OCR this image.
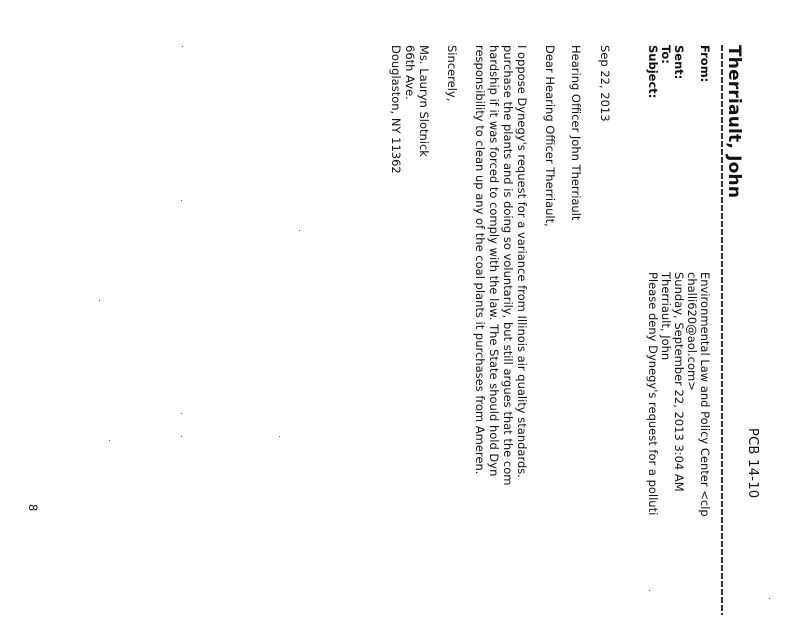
PCB 14-10
Therriault, John
From:
Environmental Law and Policy Center <clp
challi620@aol.com>
Sent:
Sunday, September 22, 2013 3:04 AM
To:
Therriault, John
Subject:
Please deny Dynegy's request for a polluti
Sep 22, 2013
Hearing Officer John Therriault
Dear Hearing Officer Therriault,
I oppose Dynegy's request for a variance from Illinois air quality standards.
purchase the plants and is doing so voluntarily, but still argues that the com
hardship if it was forced to comply with the law. The State should hold Dyn
responsibility to clean up any of the coal plants it purchases from Ameren.
Sincerely,
Ms. Lauryn Slotnick
66th Ave.
Douglaston, NY 11362
8
